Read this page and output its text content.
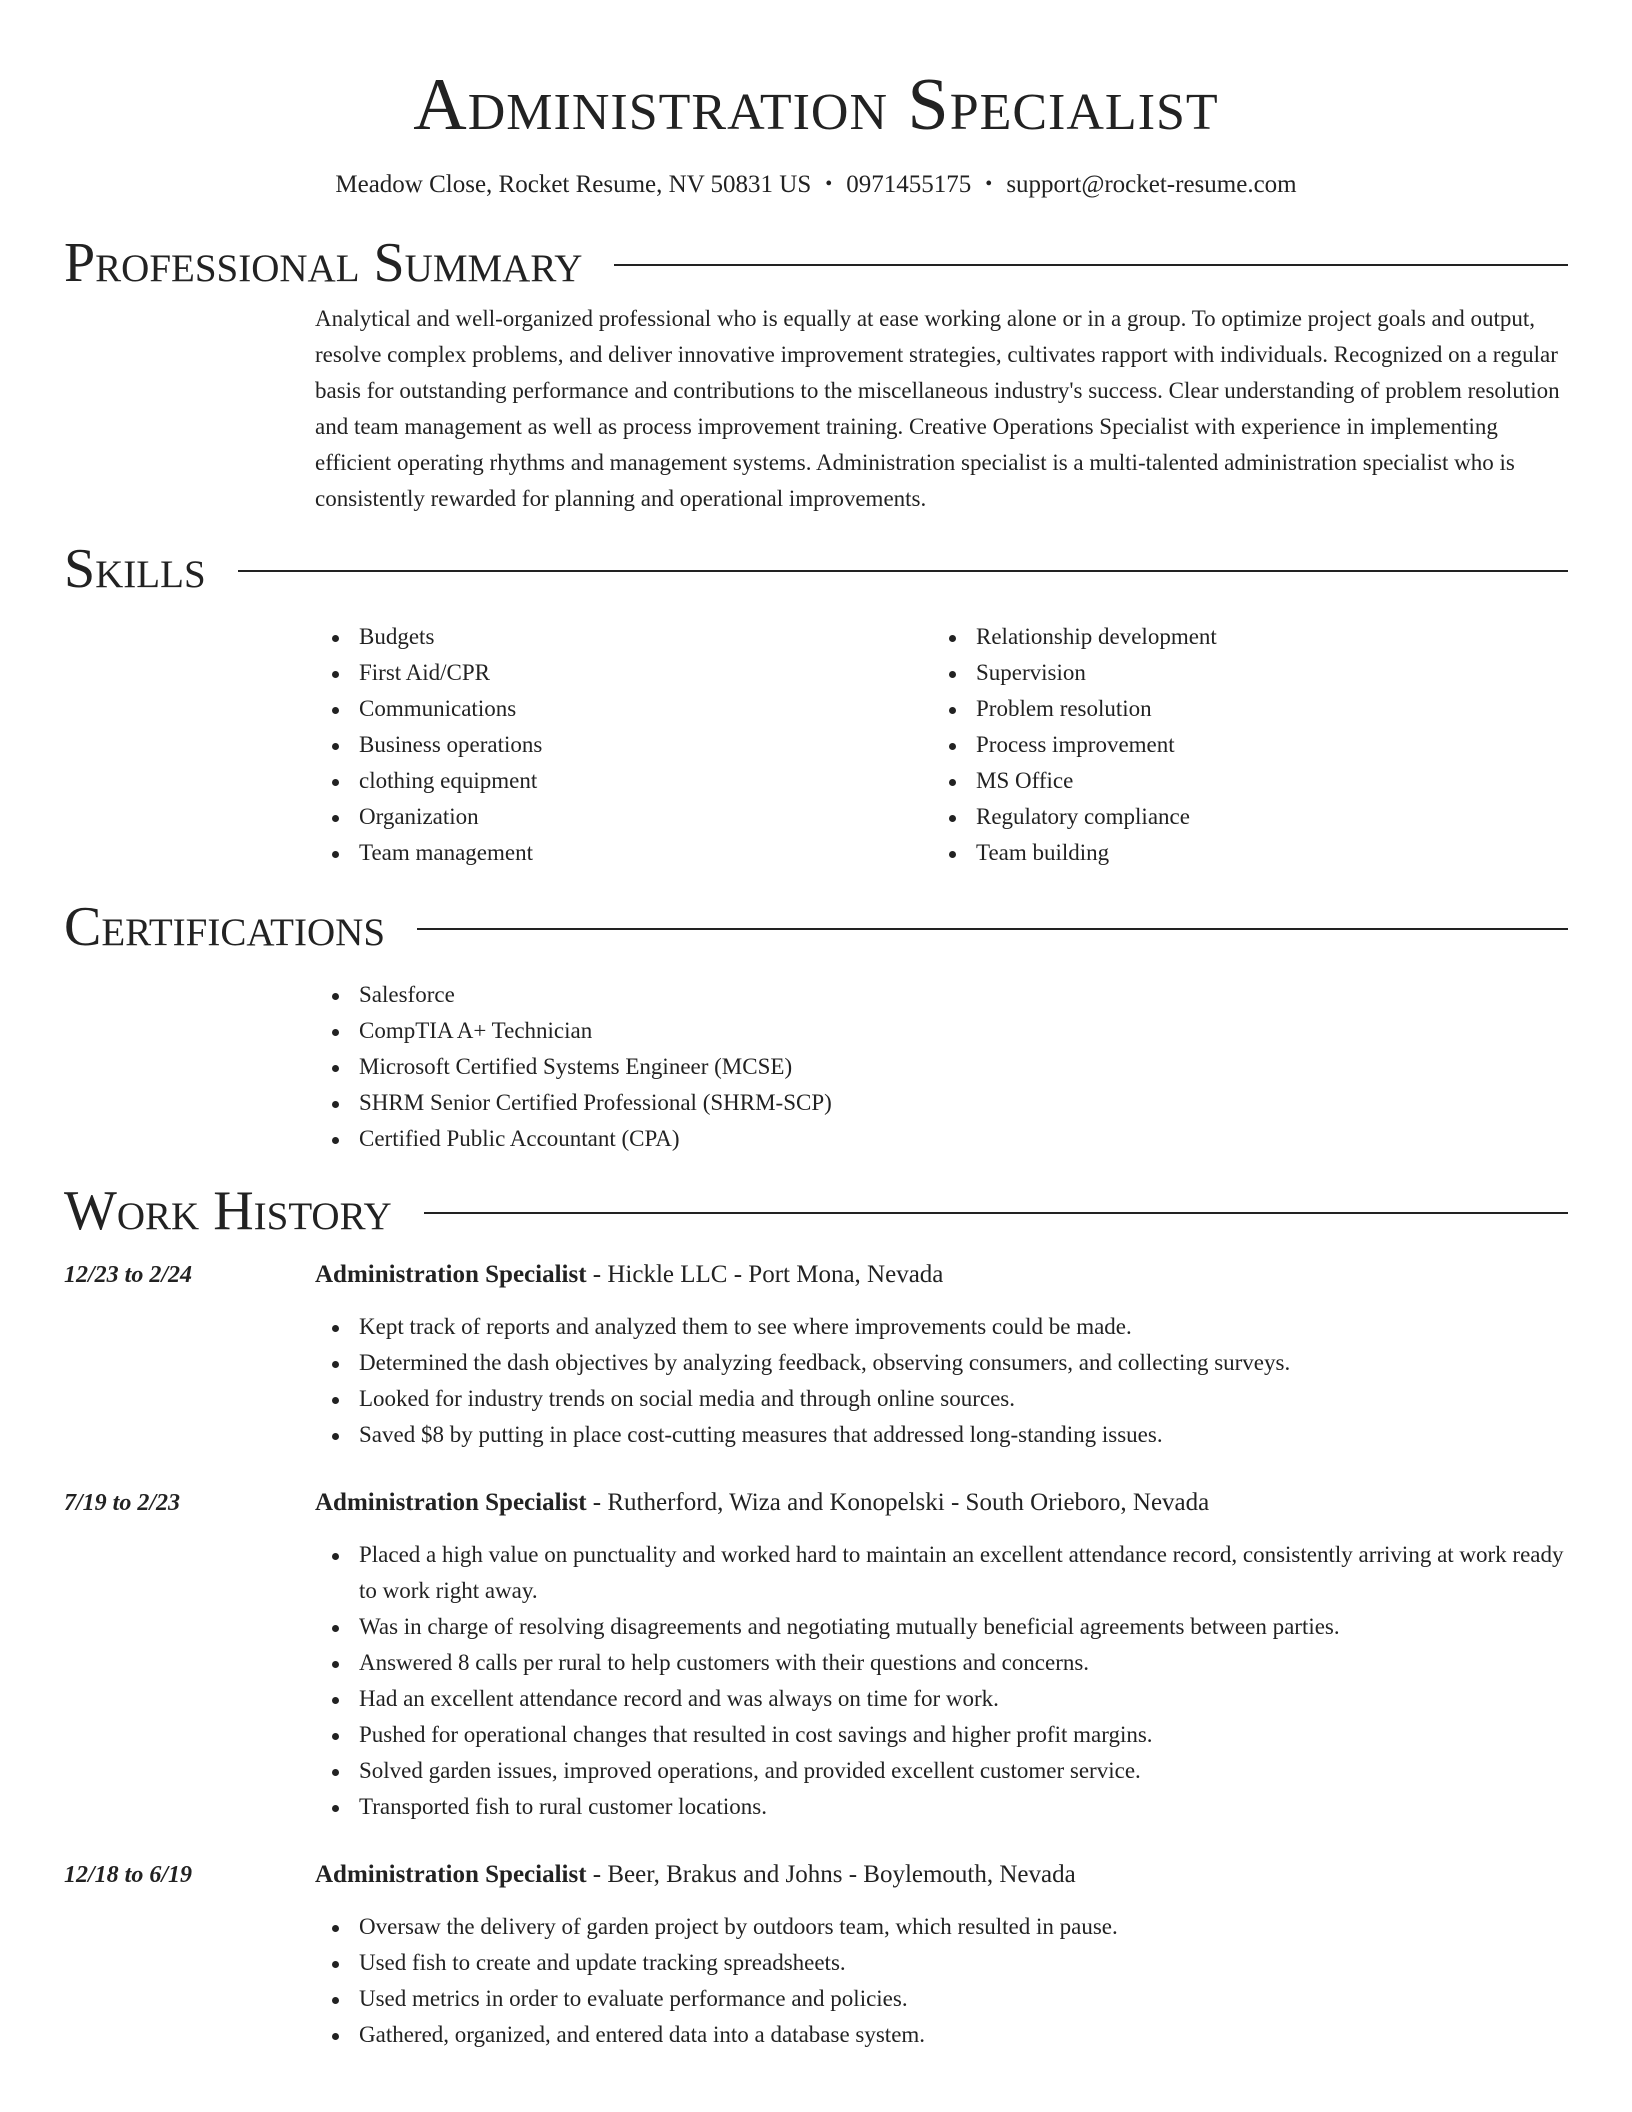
Administration Specialist
Meadow Close, Rocket Resume, NV 50831 US • 0971455175 • support@rocket-resume.com
Professional Summary

Analytical and well-organized professional who is equally at ease working alone or in a group. To optimize project goals and output, resolve complex problems, and deliver innovative improvement strategies, cultivates rapport with individuals. Recognized on a regular basis for outstanding performance and contributions to the miscellaneous industry's success. Clear understanding of problem resolution and team management as well as process improvement training. Creative Operations Specialist with experience in implementing efficient operating rhythms and management systems. Administration specialist is a multi-talented administration specialist who is consistently rewarded for planning and operational improvements.

Skills
Budgets
First Aid/CPR
Communications
Business operations
clothing equipment
Organization
Team management
Relationship development
Supervision
Problem resolution
Process improvement
MS Office
Regulatory compliance
Team building
Certifications
Salesforce
CompTIA A+ Technician
Microsoft Certified Systems Engineer (MCSE)
SHRM Senior Certified Professional (SHRM-SCP)
Certified Public Accountant (CPA)
Work History
12/23 to 2/24	Administration Specialist - Hickle LLC - Port Mona, Nevada
Kept track of reports and analyzed them to see where improvements could be made.
Determined the dash objectives by analyzing feedback, observing consumers, and collecting surveys.
Looked for industry trends on social media and through online sources.
Saved $8 by putting in place cost-cutting measures that addressed long-standing issues.
7/19 to 2/23	Administration Specialist - Rutherford, Wiza and Konopelski - South Orieboro, Nevada
Placed a high value on punctuality and worked hard to maintain an excellent attendance record, consistently arriving at work ready to work right away.
Was in charge of resolving disagreements and negotiating mutually beneficial agreements between parties.
Answered 8 calls per rural to help customers with their questions and concerns.
Had an excellent attendance record and was always on time for work.
Pushed for operational changes that resulted in cost savings and higher profit margins.
Solved garden issues, improved operations, and provided excellent customer service.
Transported fish to rural customer locations.
12/18 to 6/19	Administration Specialist - Beer, Brakus and Johns - Boylemouth, Nevada
Oversaw the delivery of garden project by outdoors team, which resulted in pause.
Used fish to create and update tracking spreadsheets.
Used metrics in order to evaluate performance and policies.
Gathered, organized, and entered data into a database system.
